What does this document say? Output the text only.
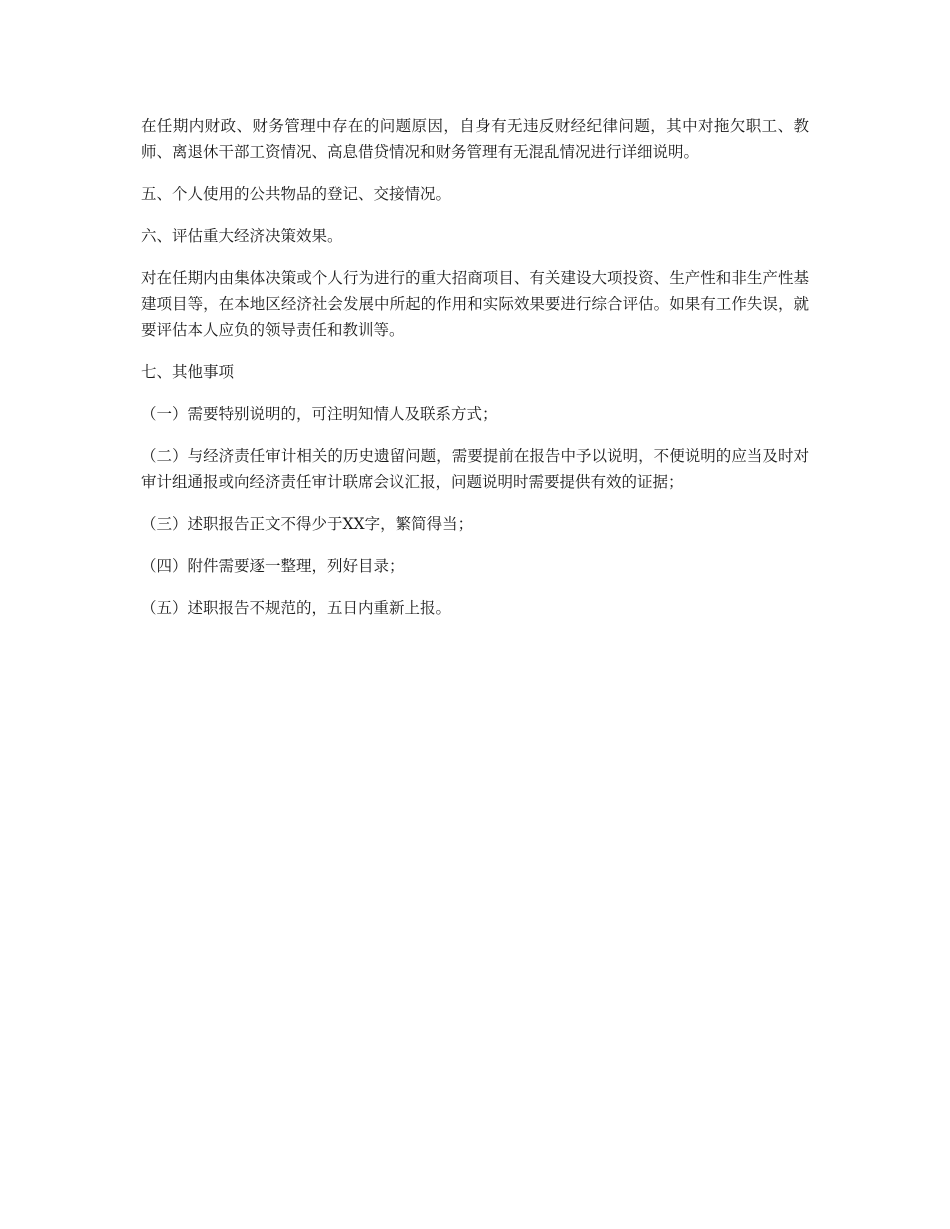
在任期内财政、财务管理中存在的问题原因，自身有无违反财经纪律问题，其中对拖欠职工、教师、离退休干部工资情况、高息借贷情况和财务管理有无混乱情况进行详细说明。

五、个人使用的公共物品的登记、交接情况。

六、评估重大经济决策效果。

对在任期内由集体决策或个人行为进行的重大招商项目、有关建设大项投资、生产性和非生产性基建项目等，在本地区经济社会发展中所起的作用和实际效果要进行综合评估。如果有工作失误，就要评估本人应负的领导责任和教训等。

七、其他事项

（一）需要特别说明的，可注明知情人及联系方式；

（二）与经济责任审计相关的历史遗留问题，需要提前在报告中予以说明，不便说明的应当及时对审计组通报或向经济责任审计联席会议汇报，问题说明时需要提供有效的证据；

（三）述职报告正文不得少于XX字，繁简得当；

（四）附件需要逐一整理，列好目录；

（五）述职报告不规范的，五日内重新上报。
